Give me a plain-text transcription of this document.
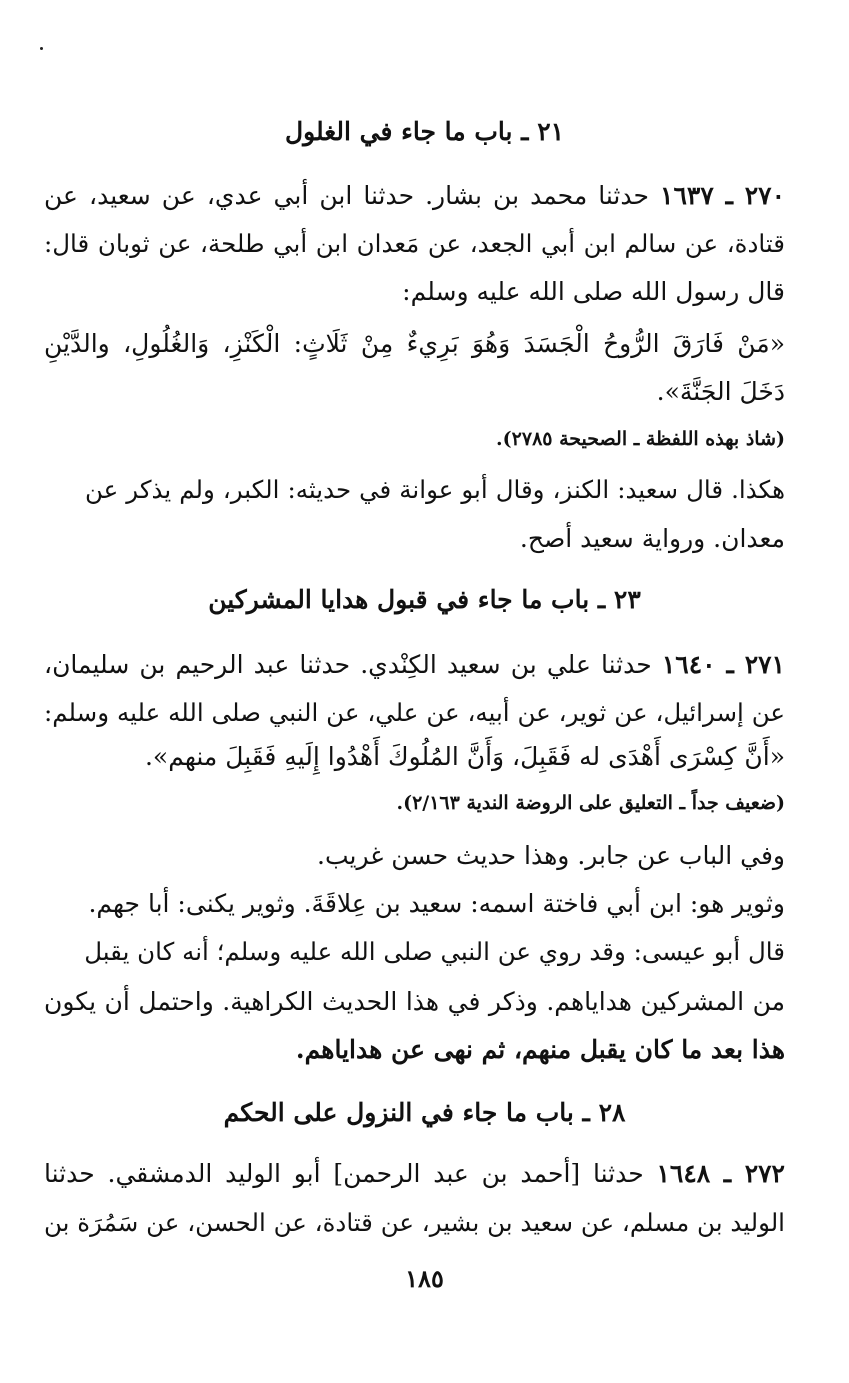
٢١ ـ باب ما جاء في الغلول
٢٧٠ ـ ١٦٣٧ حدثنا محمد بن بشار. حدثنا ابن أبي عدي، عن سعيد، عن
قتادة، عن سالم ابن أبي الجعد، عن مَعدان ابن أبي طلحة، عن ثوبان قال:
قال رسول الله صلى الله عليه وسلم:
«مَنْ فَارَقَ الرُّوحُ الْجَسَدَ وَهُوَ بَرِيءٌ مِنْ ثَلَاثٍ: الْكَنْزِ، وَالغُلُولِ، والدَّيْنِ
دَخَلَ الجَنَّةَ».
(شاذ بهذه اللفظة ـ الصحيحة ٢٧٨٥).
هكذا. قال سعيد: الكنز، وقال أبو عوانة في حديثه: الكبر، ولم يذكر عن
معدان. ورواية سعيد أصح.
٢٣ ـ باب ما جاء في قبول هدايا المشركين
٢٧١ ـ ١٦٤٠ حدثنا علي بن سعيد الكِنْدي. حدثنا عبد الرحيم بن سليمان،
عن إسرائيل، عن ثوير، عن أبيه، عن علي، عن النبي صلى الله عليه وسلم:
«أَنَّ كِسْرَى أَهْدَى له فَقَبِلَ، وَأَنَّ المُلُوكَ أَهْدُوا إِلَيهِ فَقَبِلَ منهم».
(ضعيف جداً ـ التعليق على الروضة الندية ٢/١٦٣).
وفي الباب عن جابر. وهذا حديث حسن غريب.
وثوير هو: ابن أبي فاختة اسمه: سعيد بن عِلاقَةَ. وثوير يكنى: أبا جهم.
قال أبو عيسى: وقد روي عن النبي صلى الله عليه وسلم؛ أنه كان يقبل
من المشركين هداياهم. وذكر في هذا الحديث الكراهية. واحتمل أن يكون
هذا بعد ما كان يقبل منهم، ثم نهى عن هداياهم.
٢٨ ـ باب ما جاء في النزول على الحكم
٢٧٢ ـ ١٦٤٨ حدثنا [أحمد بن عبد الرحمن] أبو الوليد الدمشقي. حدثنا
الوليد بن مسلم، عن سعيد بن بشير، عن قتادة، عن الحسن، عن سَمُرَة بن
١٨٥
